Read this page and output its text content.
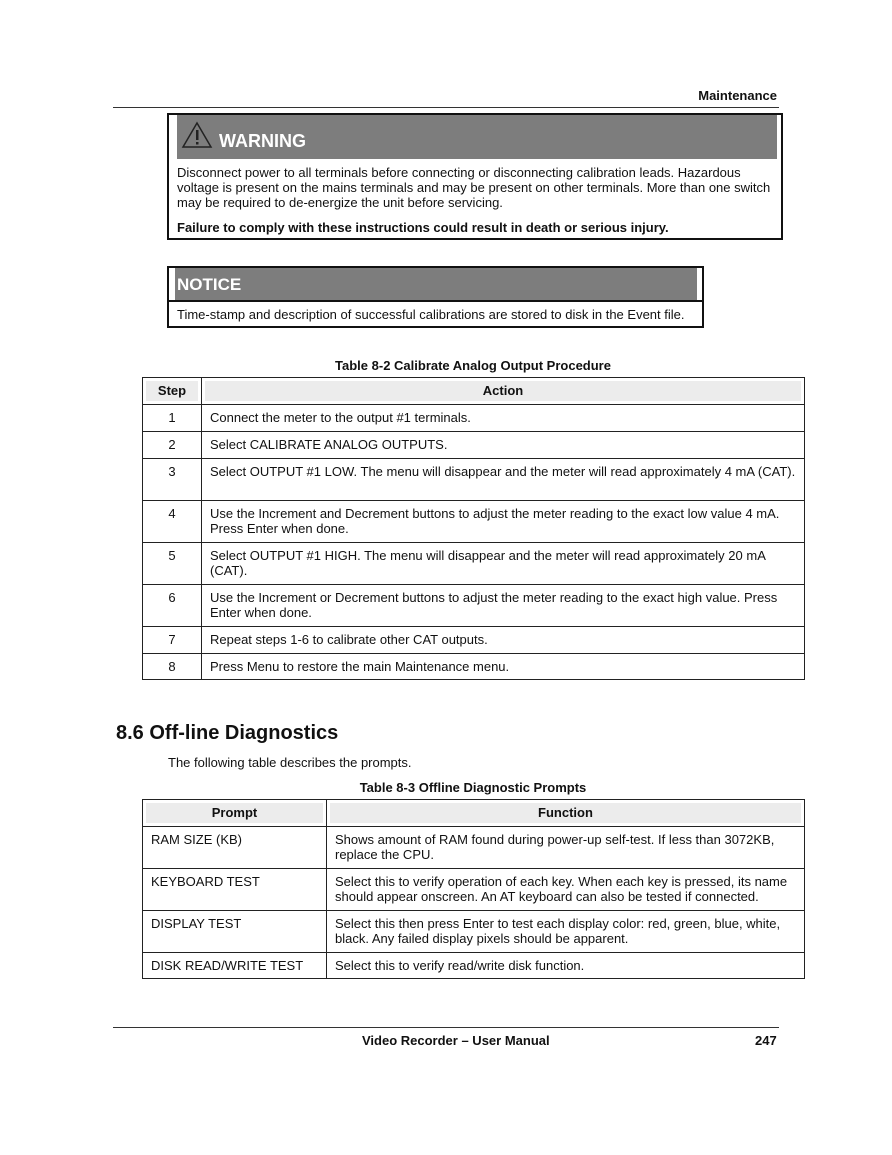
Maintenance
WARNING
Disconnect power to all terminals before connecting or disconnecting calibration leads. Hazardous voltage is present on the mains terminals and may be present on other terminals. More than one switch may be required to de-energize the unit before servicing.
Failure to comply with these instructions could result in death or serious injury.
NOTICE
Time-stamp and description of successful calibrations are stored to disk in the Event file.
Table 8-2 Calibrate Analog Output Procedure
Step	Action

1	Connect the meter to the output #1 terminals.
2	Select CALIBRATE ANALOG OUTPUTS.
3	Select OUTPUT #1 LOW. The menu will disappear and the meter will read approximately 4 mA (CAT).
4	Use the Increment and Decrement buttons to adjust the meter reading to the exact low value 4 mA. Press Enter when done.
5	Select OUTPUT #1 HIGH. The menu will disappear and the meter will read approximately 20 mA (CAT).
6	Use the Increment or Decrement buttons to adjust the meter reading to the exact high value. Press Enter when done.
7	Repeat steps 1-6 to calibrate other CAT outputs.
8	Press Menu to restore the main Maintenance menu.
8.6 Off-line Diagnostics
The following table describes the prompts.
Table 8-3 Offline Diagnostic Prompts
Prompt	Function

RAM SIZE (KB)	Shows amount of RAM found during power-up self-test. If less than 3072KB, replace the CPU.
KEYBOARD TEST	Select this to verify operation of each key. When each key is pressed, its name should appear onscreen. An AT keyboard can also be tested if connected.
DISPLAY TEST	Select this then press Enter to test each display color: red, green, blue, white, black. Any failed display pixels should be apparent.
DISK READ/WRITE TEST	Select this to verify read/write disk function.
Video Recorder – User Manual	247
